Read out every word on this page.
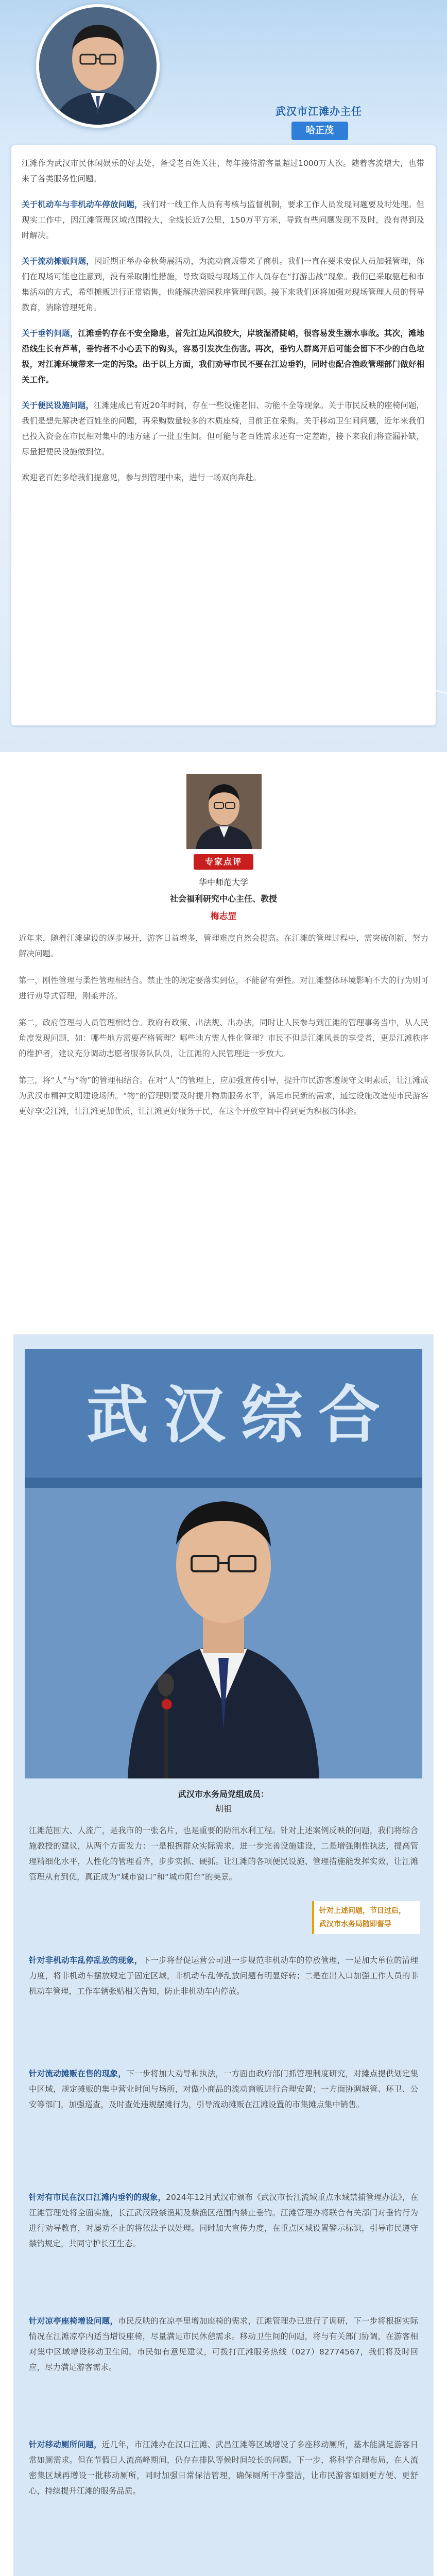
武汉市江滩办主任
哈正茂

江滩作为武汉市民休闲娱乐的好去处，备受老百姓关注，每年接待游客量超过1000万人次。随着客流增大，也带来了各类服务性问题。

关于机动车与非机动车停放问题，我们对一线工作人员有考核与监督机制，要求工作人员发现问题要及时处理。但现实工作中，因江滩管理区域范围较大，全线长近7公里，150万平方米，导致有些问题发现不及时，没有得到及时解决。

关于流动摊贩问题，因近期正举办金秋菊展活动，为流动商贩带来了商机。我们一直在要求安保人员加强管理，你们在现场可能也注意到，没有采取刚性措施，导致商贩与现场工作人员存在“打游击战”现象。我们已采取驱赶和市集活动的方式，希望摊贩进行正常销售，也能解决游园秩序管理问题。接下来我们还将加强对现场管理人员的督导教育，消除管理死角。

关于垂钓问题，江滩垂钓存在不安全隐患，首先江边风浪较大，岸坡湿滑陡峭，很容易发生溺水事故。其次，滩地沿线生长有芦苇，垂钓者不小心丢下的钩头，容易引发次生伤害。再次，垂钓人群离开后可能会留下不少的白色垃圾，对江滩环境带来一定的污染。出于以上方面，我们劝导市民不要在江边垂钓，同时也配合渔政管理部门做好相关工作。

关于便民设施问题，江滩建成已有近20年时间，存在一些设施老旧、功能不全等现象。关于市民反映的座椅问题，我们是想先解决老百姓坐的问题，再采购数量较多的木质座椅，目前正在采购。关于移动卫生间问题，近年来我们已投入资金在市民相对集中的地方建了一批卫生间。但可能与老百姓需求还有一定差距，接下来我们将查漏补缺，尽量把便民设施做到位。

欢迎老百姓多给我们提意见，参与到管理中来，进行一场双向奔赴。

专家点评
华中师范大学
社会福利研究中心主任、教授
梅志罡

近年来，随着江滩建设的逐步展开，游客日益增多，管理难度自然会提高。在江滩的管理过程中，需突破创新，努力解决问题。

第一，刚性管理与柔性管理相结合。禁止性的规定要落实到位，不能留有弹性。对江滩整体环境影响不大的行为则可进行劝导式管理，刚柔并济。

第二，政府管理与人员管理相结合。政府有政策、出法规、出办法，同时让人民参与到江滩的管理事务当中，从人民角度发现问题，如：哪些地方需要严格管理？哪些地方需人性化管理？市民不但是江滩风景的享受者，更是江滩秩序的维护者，建议充分调动志愿者服务队队员，让江滩的人民管理进一步放大。

第三，将“人”与“物”的管理相结合。在对“人”的管理上，应加强宣传引导，提升市民游客遵规守文明素质，让江滩成为武汉市精神文明建设场所。“物”的管理则要及时提升物质服务水平，满足市民新的需求，通过设施改造使市民游客更好享受江滩，让江滩更加优质，让江滩更好服务于民，在这个开放空间中得到更为积极的体验。

武汉综合
武汉市水务局党组成员：
胡祖

江滩范围大、人流广，是我市的一张名片，也是重要的防汛水利工程。针对上述案例反映的问题，我们将综合施教授的建议，从两个方面发力：一是根据群众实际需求，进一步完善设施建设，二是增强刚性执法，提高管理精细化水平，人性化的管理看齐，步步实抓、硬抓。让江滩的各项便民设施、管理措施能发挥实效，让江滩管理从有到优，真正成为“城市窗口”和“城市阳台”的美景。

针对上述问题，节目过后，
武汉市水务局随即督导

针对非机动车乱停乱放的现象，下一步将督促运营公司进一步规范非机动车的停放管理，一是加大单位的清理力度，将非机动车摆放规定于固定区域，非机动车乱停乱放问题有明显好转；二是在出入口加强工作人员的非机动车管理，工作车辆张贴相关告知，防止非机动车内停放。

针对流动摊贩在售的现象，下一步将加大劝导和执法，一方面由政府部门抓管理制度研究，对摊点提供划定集中区域，规定摊贩的集中营业时间与场所，对做小商品的流动商贩进行合理安置；一方面协调城管、环卫、公安等部门，加强巡查，及时查处违规摆摊行为，引导流动摊贩在江滩设置的市集摊点集中销售。

针对有市民在汉口江滩内垂钓的现象，2024年12月武汉市颁布《武汉市长江流域重点水域禁捕管理办法》，在江滩管理处将全面实施，长江武汉段禁渔期及禁渔区范围内禁止垂钓。江滩管理办将联合有关部门对垂钓行为进行劝导教育，对屡劝不止的将依法予以处理。同时加大宣传力度，在重点区域设置警示标识，引导市民遵守禁钓规定，共同守护长江生态。

针对凉亭座椅增设问题，市民反映的在凉亭里增加座椅的需求，江滩管理办已进行了调研，下一步将根据实际情况在江滩凉亭内适当增设座椅，尽量满足市民休憩需求。移动卫生间的问题，将与有关部门协调，在游客相对集中区域增设移动卫生间。市民如有意见建议，可拨打江滩服务热线（027）82774567，我们将及时回应，尽力满足游客需求。

针对移动厕所问题，近几年，市江滩办在汉口江滩、武昌江滩等区域增设了多座移动厕所，基本能满足游客日常如厕需求。但在节假日人流高峰期间，仍存在排队等候时间较长的问题。下一步，将科学合理布局，在人流密集区域再增设一批移动厕所，同时加强日常保洁管理，确保厕所干净整洁，让市民游客如厕更方便、更舒心，持续提升江滩的服务品质。
